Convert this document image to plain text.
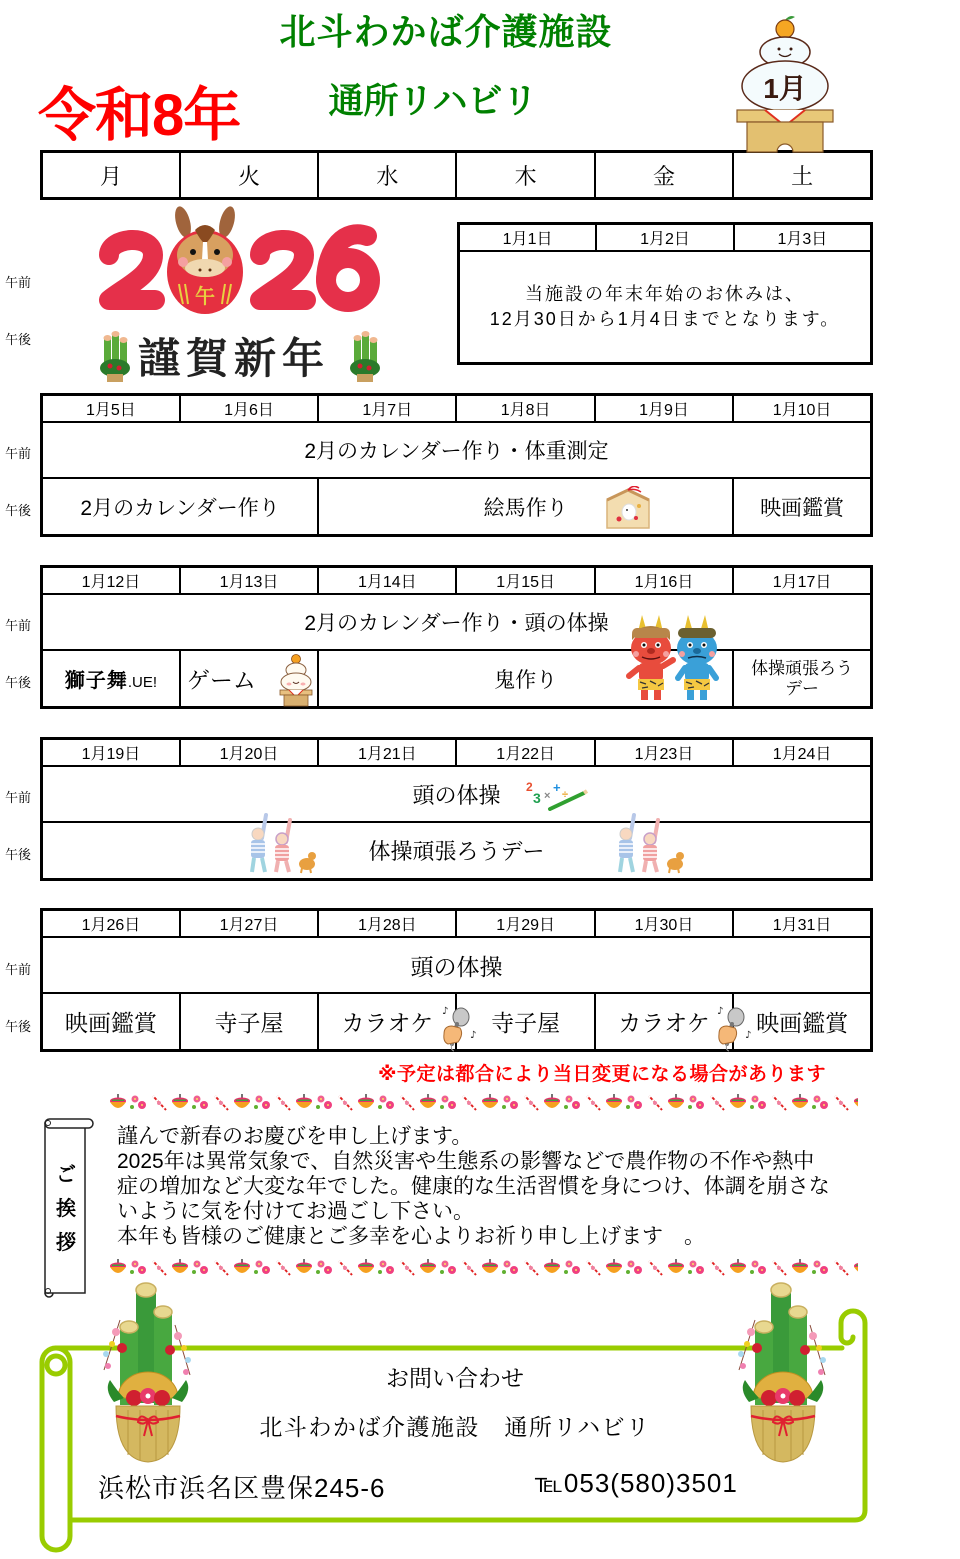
北斗わかば介護施設
通所リハビリ
令和8年	1月
月	火	水	木	金	土
午
謹賀新年
午前
午後
午前
午後
午前
午後
午前
午後
午前
午後
1月1日	1月2日	1月3日

当施設の年末年始のお休みは、
12月30日から1月4日までとなります。
1月5日	1月6日	1月7日	1月8日	1月9日	1月10日
2月のカレンダー作り・体重測定					
2月のカレンダー作り		絵馬作り			映画鑑賞
1月12日	1月13日	1月14日	1月15日	1月16日	1月17日
2月のカレンダー作り・頭の体操					
獅子舞.UE!	ゲーム	鬼作り			体操頑張ろう
デー
1月19日	1月20日	1月21日	1月22日	1月23日	1月24日
頭の体操
体操頑張ろうデー
2
3 ×
+ ÷
1月26日	1月27日	1月28日	1月29日	1月30日	1月31日
頭の体操					
映画鑑賞	寺子屋	カラオケ	寺子屋	カラオケ	映画鑑賞
♪
♪
♪
♪
※予定は都合により当日変更になる場合があります
ご
挨
拶
謹んで新春のお慶びを申し上げます。
2025年は異常気象で、自然災害や生態系の影響などで農作物の不作や熱中
症の増加など大変な年でした。健康的な生活習慣を身につけ、体調を崩さな
いように気を付けてお過ごし下さい。
本年も皆様のご健康とご多幸を心よりお祈り申し上げます　。
お問い合わせ
北斗わかば介護施設　通所リハビリ
浜松市浜名区豊保245-6	℡053(580)3501
